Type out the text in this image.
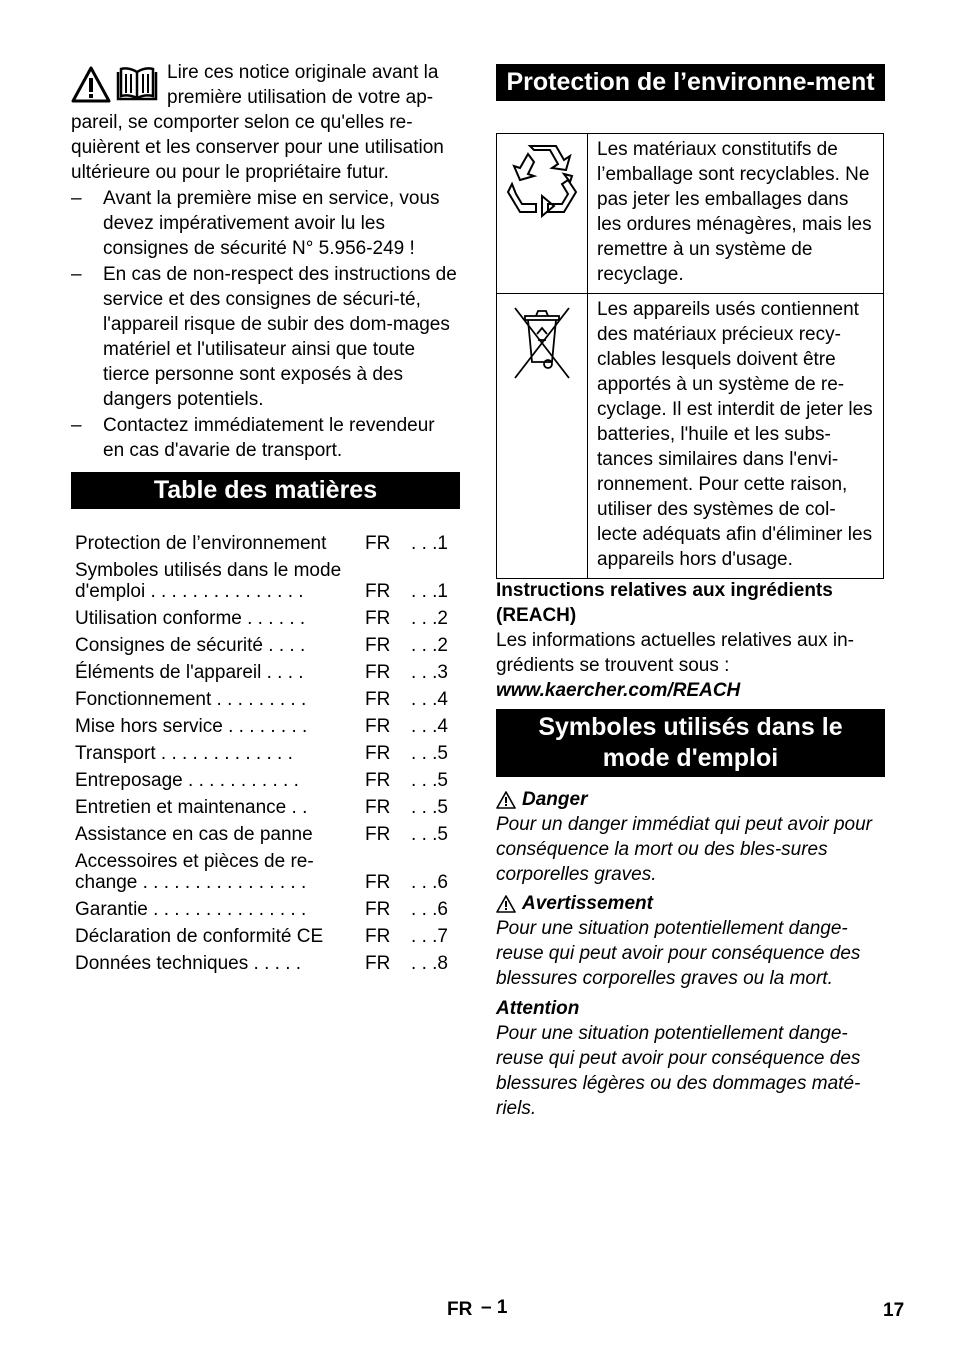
Lire ces notice originale avant la première utilisation de votre ap-pareil, se comporter selon ce qu'elles re-quièrent et les conserver pour une utilisation ultérieure ou pour le propriétaire futur.

– Avant la première mise en service, vous devez impérativement avoir lu les consignes de sécurité N° 5.956-249 !
– En cas de non-respect des instructions de service et des consignes de sécuri-té, l'appareil risque de subir des dom-mages matériel et l'utilisateur ainsi que toute tierce personne sont exposés à des dangers potentiels.
– Contactez immédiatement le revendeur en cas d'avarie de transport.
Table des matières
Protection de l’environnement	FR	. . .1
Symboles utilisés dans le mode d'emploi . . . . . . . . . . . . . . .	FR	. . .1
Utilisation conforme . . . . . .	FR	. . .2
Consignes de sécurité . . . .	FR	. . .2
Éléments de l'appareil . . . .	FR	. . .3
Fonctionnement . . . . . . . . .	FR	. . .4
Mise hors service . . . . . . . .	FR	. . .4
Transport . . . . . . . . . . . . .	FR	. . .5
Entreposage . . . . . . . . . . .	FR	. . .5
Entretien et maintenance . .	FR	. . .5
Assistance en cas de panne	FR	. . .5
Accessoires et pièces de re-change . . . . . . . . . . . . . . . .	FR	. . .6
Garantie . . . . . . . . . . . . . . .	FR	. . .6
Déclaration de conformité CE	FR	. . .7
Données techniques . . . . .	FR	. . .8
Protection de l’environne-ment
	Les matériaux constitutifs de l’emballage sont recyclables. Ne pas jeter les emballages dans les ordures ménagères, mais les remettre à un système de recyclage.
	Les appareils usés contiennent des matériaux précieux recy-clables lesquels doivent être apportés à un système de re-cyclage. Il est interdit de jeter les batteries, l'huile et les subs-tances similaires dans l'envi-ronnement. Pour cette raison, utiliser des systèmes de col-lecte adéquats afin d'éliminer les appareils hors d'usage.

Instructions relatives aux ingrédients (REACH)

Les informations actuelles relatives aux in-grédients se trouvent sous :

www.kaercher.com/REACH

Symboles utilisés dans le mode d'emploi
Danger

Pour un danger immédiat qui peut avoir pour conséquence la mort ou des bles-sures corporelles graves.

Avertissement

Pour une situation potentiellement dange-reuse qui peut avoir pour conséquence des blessures corporelles graves ou la mort.

Attention

Pour une situation potentiellement dange-reuse qui peut avoir pour conséquence des blessures légères ou des dommages maté-riels.

FR – 1	17
